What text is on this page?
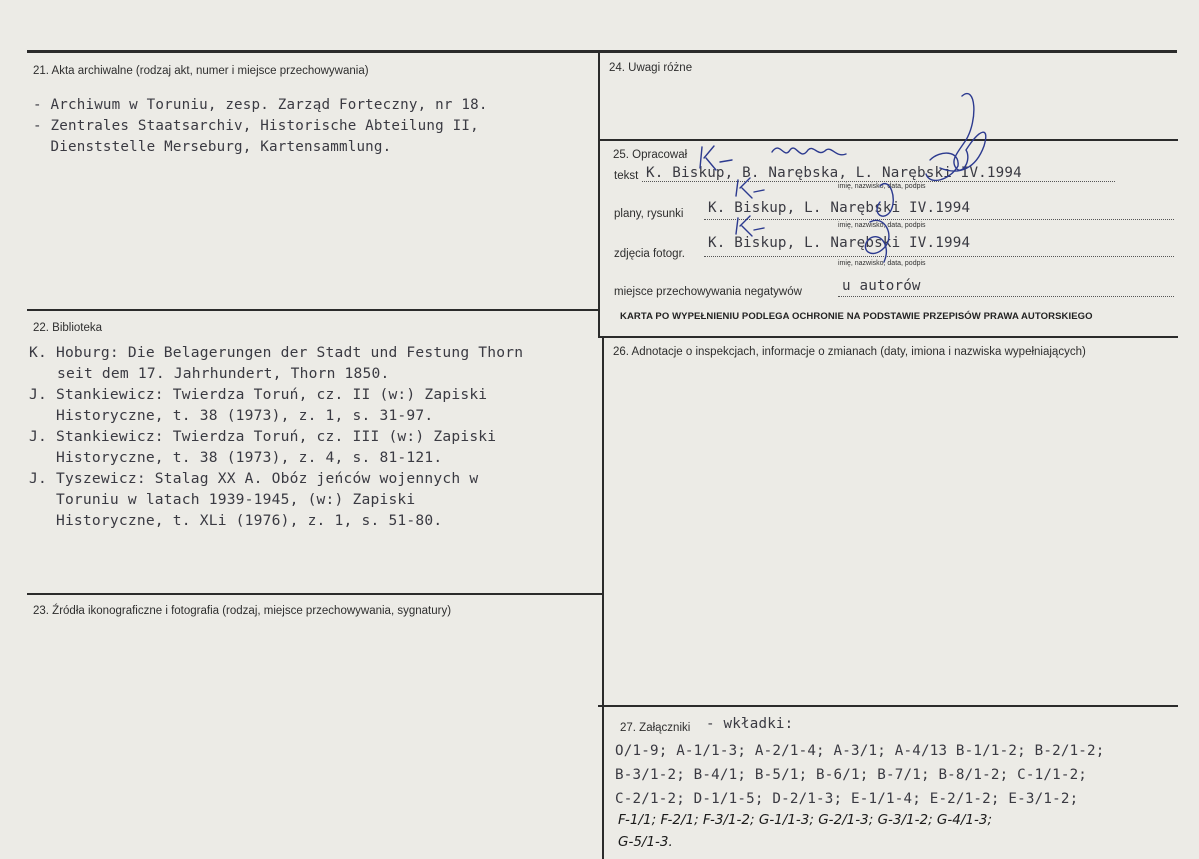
21. Akta archiwalne (rodzaj akt, numer i miejsce przechowywania)
- Archiwum w Toruniu, zesp. Zarząd Forteczny, nr 18.
- Zentrales Staatsarchiv, Historische Abteilung II,
Dienststelle Merseburg, Kartensammlung.
22. Biblioteka
K. Hoburg: Die Belagerungen der Stadt und Festung Thorn
seit dem 17. Jahrhundert, Thorn 1850.
J. Stankiewicz: Twierdza Toruń, cz. II (w:) Zapiski
Historyczne, t. 38 (1973), z. 1, s. 31-97.
J. Stankiewicz: Twierdza Toruń, cz. III (w:) Zapiski
Historyczne, t. 38 (1973), z. 4, s. 81-121.
J. Tyszewicz: Stalag XX A. Obóz jeńców wojennych w
Toruniu w latach 1939-1945, (w:) Zapiski
Historyczne, t. XLi (1976), z. 1, s. 51-80.
23. Źródła ikonograficzne i fotografia (rodzaj, miejsce przechowywania, sygnatury)
24. Uwagi różne
25. Opracował
tekst K. Biskup, B. Narębska, L. Narębski IV.1994
imię, nazwisko, data, podpis
plany, rysunki K. Biskup, L. Narębski IV.1994
imię, nazwisko, data, podpis
zdjęcia fotogr.
K. Biskup, L. Narębski IV.1994
imię, nazwisko, data, podpis
miejsce przechowywania negatywów	u autorów
KARTA PO WYPEŁNIENIU PODLEGA OCHRONIE NA PODSTAWIE PRZEPISÓW PRAWA AUTORSKIEGO
26. Adnotacje o inspekcjach, informacje o zmianach (daty, imiona i nazwiska wypełniających)
27. Załączniki - wkładki:
O/1-9; A-1/1-3; A-2/1-4; A-3/1; A-4/13 B-1/1-2; B-2/1-2;
B-3/1-2; B-4/1; B-5/1; B-6/1; B-7/1; B-8/1-2; C-1/1-2;
C-2/1-2; D-1/1-5; D-2/1-3; E-1/1-4; E-2/1-2; E-3/1-2;
F-1/1; F-2/1; F-3/1-2; G-1/1-3; G-2/1-3; G-3/1-2; G-4/1-3;
G-5/1-3.
